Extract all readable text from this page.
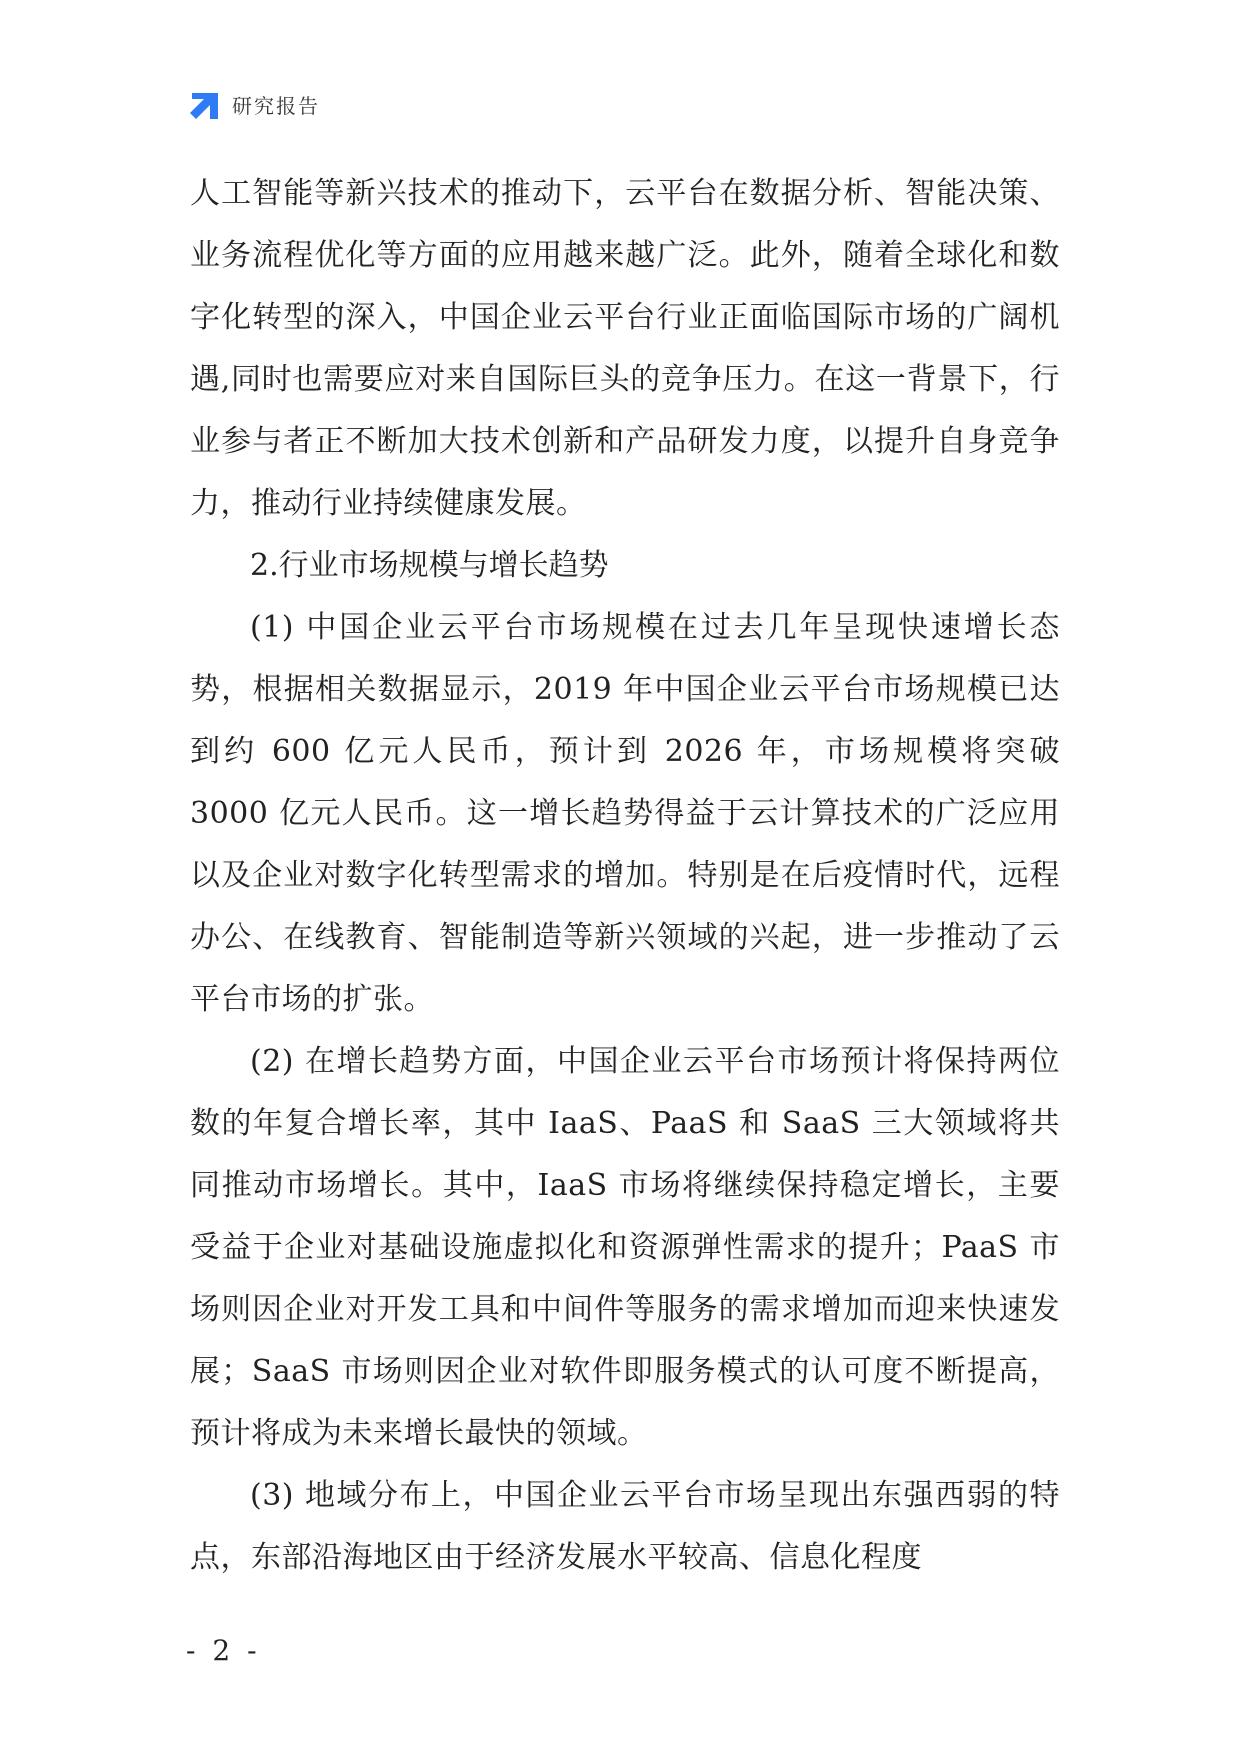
研究报告

人工智能等新兴技术的推动下，云平台在数据分析、智能决策、业务流程优化等方面的应用越来越广泛。此外，随着全球化和数字化转型的深入，中国企业云平台行业正面临国际市场的广阔机遇,同时也需要应对来自国际巨头的竞争压力。在这一背景下，行业参与者正不断加大技术创新和产品研发力度，以提升自身竞争力，推动行业持续健康发展。

2.行业市场规模与增长趋势

(1) 中国企业云平台市场规模在过去几年呈现快速增长态势，根据相关数据显示，2019 年中国企业云平台市场规模已达到约 600 亿元人民币，预计到 2026 年，市场规模将突破 3000 亿元人民币。这一增长趋势得益于云计算技术的广泛应用以及企业对数字化转型需求的增加。特别是在后疫情时代，远程办公、在线教育、智能制造等新兴领域的兴起，进一步推动了云平台市场的扩张。

(2) 在增长趋势方面，中国企业云平台市场预计将保持两位数的年复合增长率，其中 IaaS、PaaS 和 SaaS 三大领域将共同推动市场增长。其中，IaaS 市场将继续保持稳定增长，主要受益于企业对基础设施虚拟化和资源弹性需求的提升；PaaS 市场则因企业对开发工具和中间件等服务的需求增加而迎来快速发展；SaaS 市场则因企业对软件即服务模式的认可度不断提高，预计将成为未来增长最快的领域。

(3) 地域分布上，中国企业云平台市场呈现出东强西弱的特点，东部沿海地区由于经济发展水平较高、信息化程度

- 2 -
